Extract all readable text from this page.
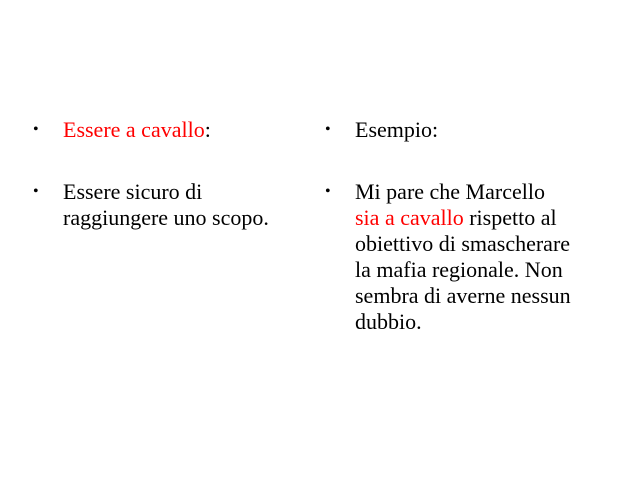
• Essere a cavallo:
• Essere sicuro di
raggiungere uno scopo.
• Esempio:
• Mi pare che Marcello
sia a cavallo rispetto al
obiettivo di smascherare
la mafia regionale. Non
sembra di averne nessun
dubbio.
